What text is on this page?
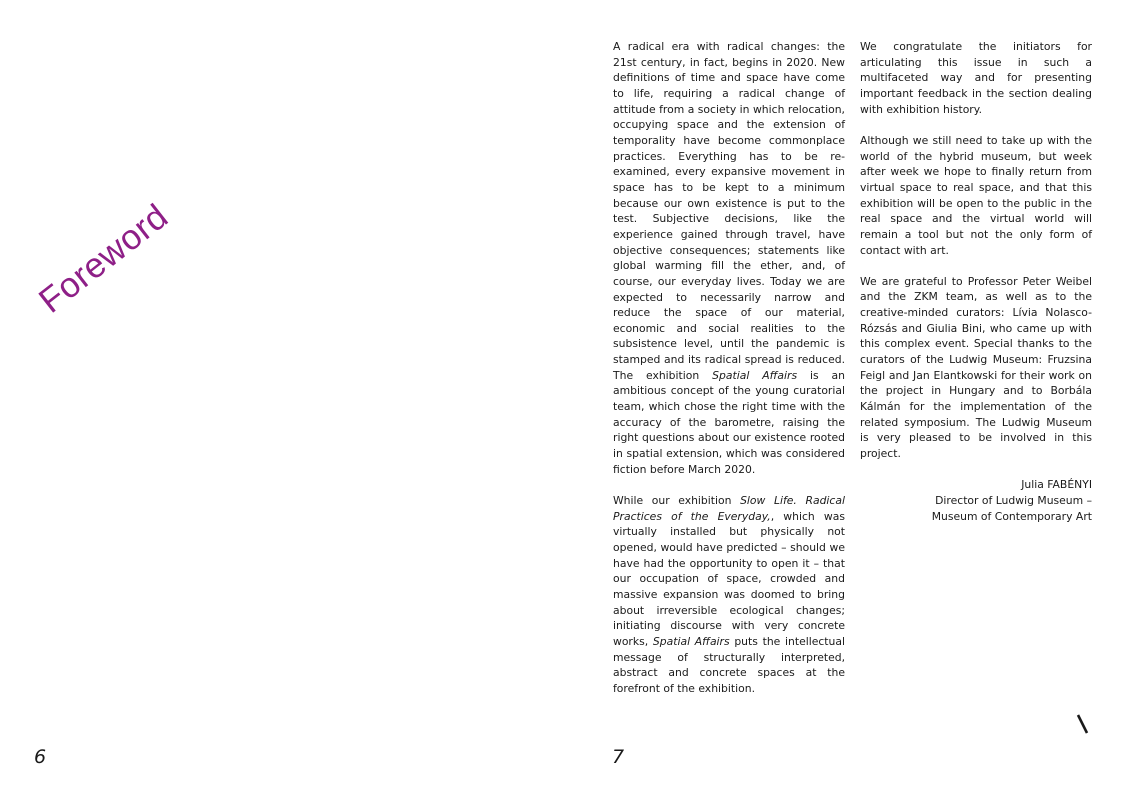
Foreword
6

A radical era with radical changes: the 21st century, in fact, begins in 2020. New definitions of time and space have come to life, requiring a radical change of attitude from a society in which relocation, occupying space and the extension of temporality have become commonplace practices. Everything has to be re-examined, every expansive movement in space has to be kept to a minimum because our own existence is put to the test. Subjective decisions, like the experience gained through travel, have objective consequences; statements like global warming fill the ether, and, of course, our everyday lives. Today we are expected to necessarily narrow and reduce the space of our material, economic and social realities to the subsistence level, until the pandemic is stamped and its radical spread is reduced. The exhibition Spatial Affairs is an ambitious concept of the young curatorial team, which chose the right time with the accuracy of the barometre, raising the right questions about our existence rooted in spatial extension, which was considered fiction before March 2020.

While our exhibition Slow Life. Radical Practices of the Everyday,, which was virtually installed but physically not opened, would have predicted – should we have had the opportunity to open it – that our occupation of space, crowded and massive expansion was doomed to bring about irreversible ecological changes; initiating discourse with very concrete works, Spatial Affairs puts the intellectual message of structurally interpreted, abstract and concrete spaces at the forefront of the exhibition.

We congratulate the initiators for articulating this issue in such a multifaceted way and for presenting important feedback in the section dealing with exhibition history.

Although we still need to take up with the world of the hybrid museum, but week after week we hope to finally return from virtual space to real space, and that this exhibition will be open to the public in the real space and the virtual world will remain a tool but not the only form of contact with art.

We are grateful to Professor Peter Weibel and the ZKM team, as well as to the creative-minded curators: Lívia Nolasco-Rózsás and Giulia Bini, who came up with this complex event. Special thanks to the curators of the Ludwig Museum: Fruzsina Feigl and Jan Elantkowski for their work on the project in Hungary and to Borbála Kálmán for the implementation of the related symposium. The Ludwig Museum is very pleased to be involved in this project.

Julia FABÉNYI
Director of Ludwig Museum –
Museum of Contemporary Art
7
